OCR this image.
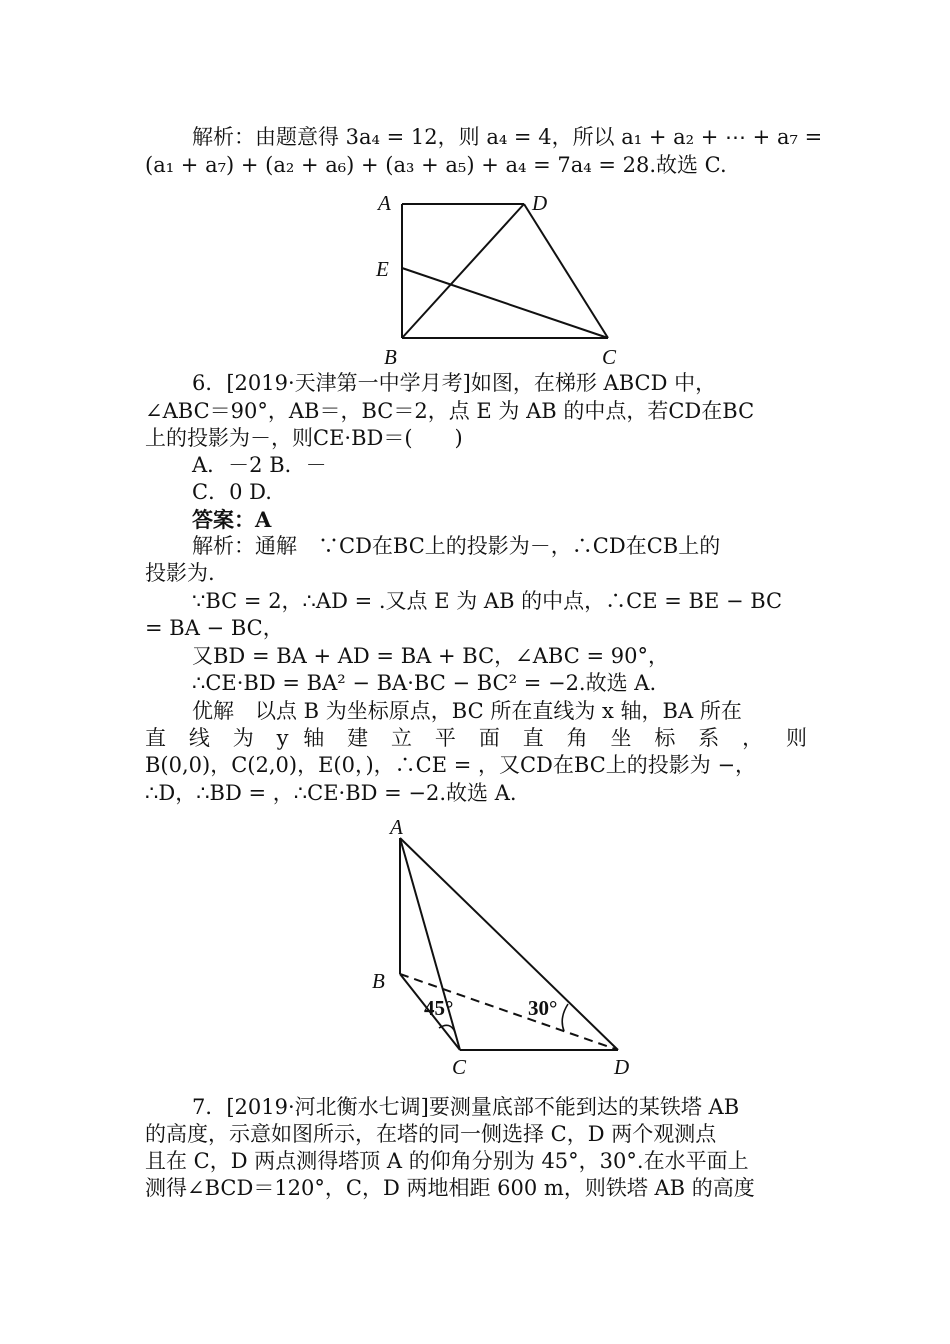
解析：由题意得 3a₄ = 12，则 a₄ = 4，所以 a₁ + a₂ + ⋯ + a₇ =
(a₁ + a₇) + (a₂ + a₆) + (a₃ + a₅) + a₄ = 7a₄ = 28.故选 C.
A	D
E
B	C
6．[2019·天津第一中学月考]如图，在梯形 ABCD 中，
∠ABC＝90°，AB＝，BC＝2，点 E 为 AB 的中点，若CD在BC
上的投影为－，则CE·BD＝(　　)
A．－2 B．－
C．0 D.
答案：A
解析：通解　∵CD在BC上的投影为－，∴CD在CB上的
投影为.
∵BC = 2，∴AD = .又点 E 为 AB 的中点，∴CE = BE − BC
= BA − BC，
又BD = BA + AD = BA + BC，∠ABC = 90°，
∴CE·BD = BA² − BA·BC − BC² = −2.故选 A.
优解　以点 B 为坐标原点，BC 所在直线为 x 轴，BA 所在
直 线 为 y 轴 建 立 平 面 直 角 坐 标 系 ， 则
B(0,0)，C(2,0)，E(0，)，∴CE = ，又CD在BC上的投影为 −，
∴D，∴BD = ，∴CE·BD = −2.故选 A.
A
B
C	D
45°	30°
7．[2019·河北衡水七调]要测量底部不能到达的某铁塔 AB
的高度，示意如图所示，在塔的同一侧选择 C，D 两个观测点
且在 C，D 两点测得塔顶 A 的仰角分别为 45°，30°.在水平面上
测得∠BCD＝120°，C，D 两地相距 600 m，则铁塔 AB 的高度
